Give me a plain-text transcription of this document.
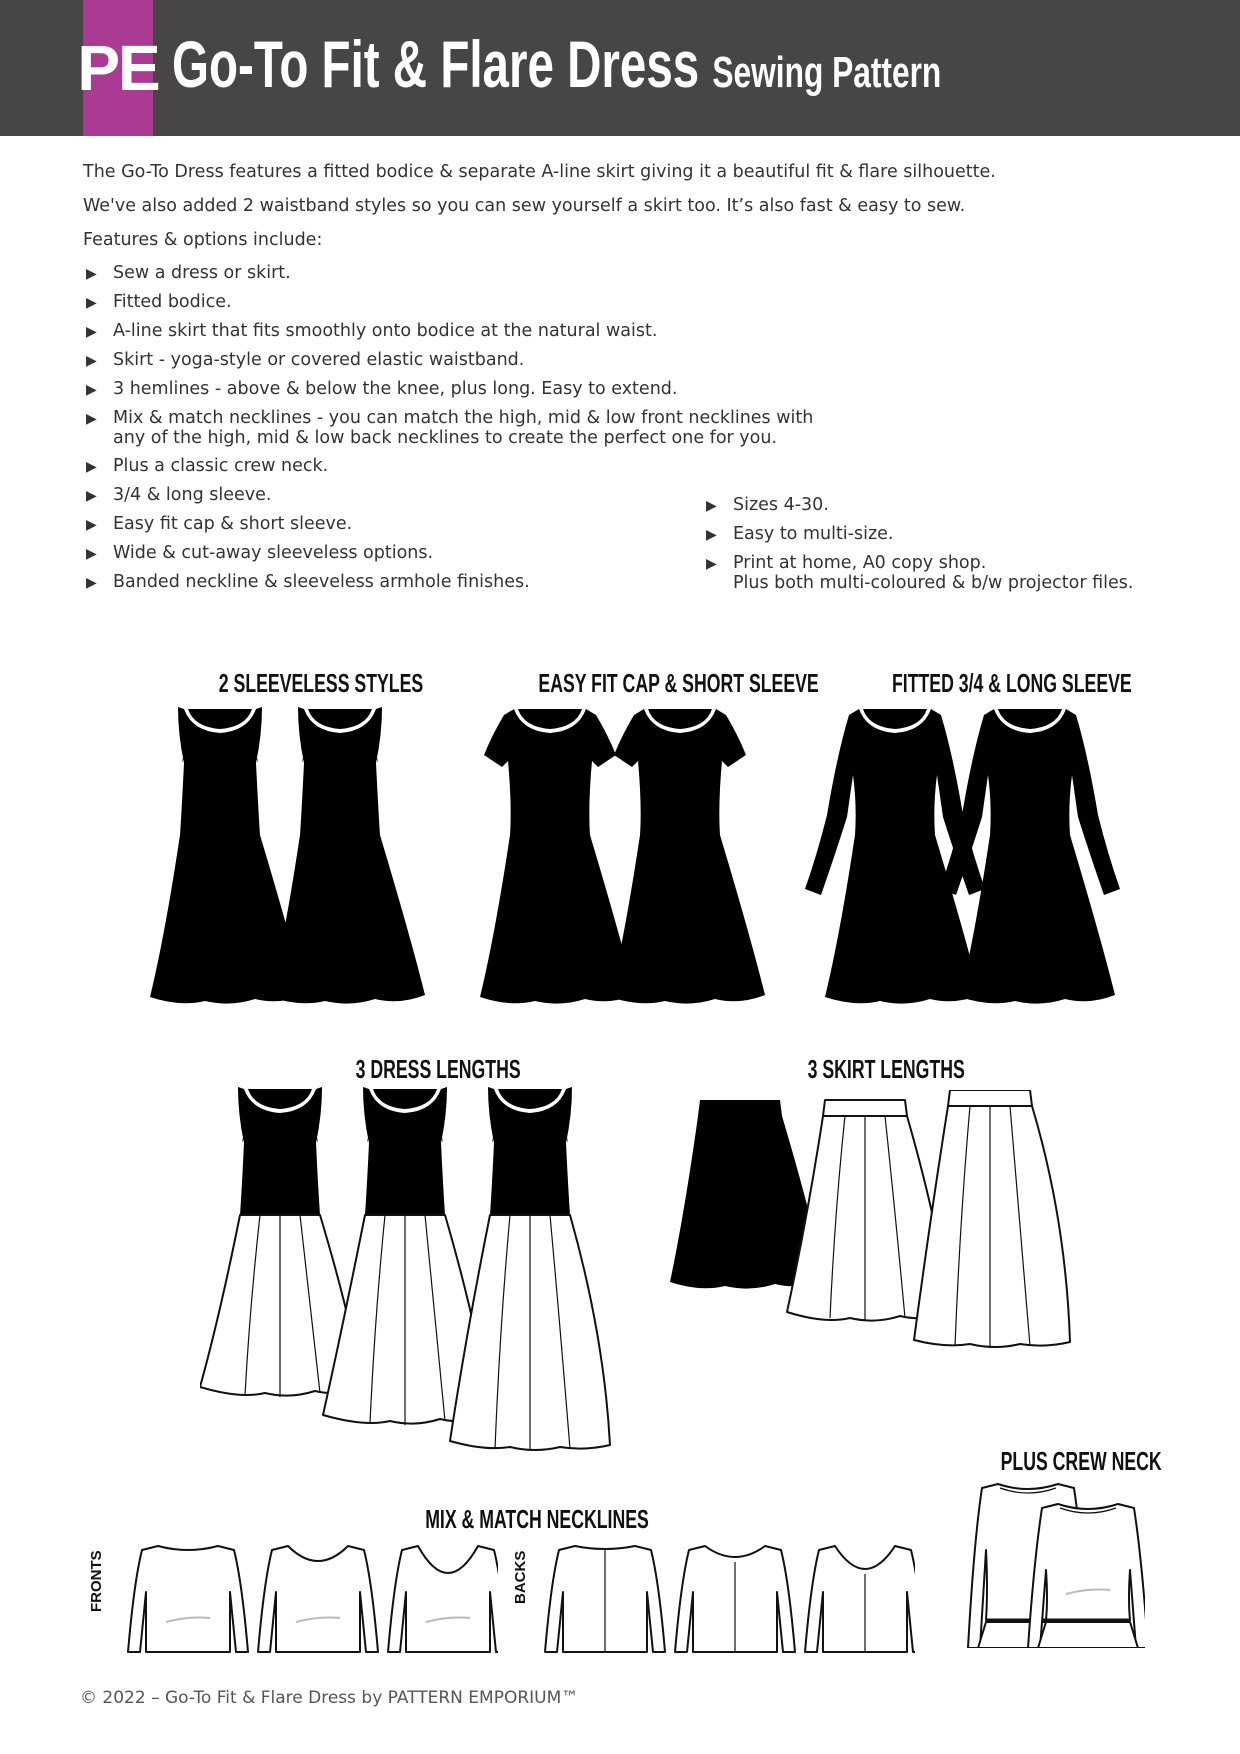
PE Go-To Fit & Flare Dress Sewing Pattern
The Go-To Dress features a fitted bodice & separate A-line skirt giving it a beautiful fit & flare silhouette.
We've also added 2 waistband styles so you can sew yourself a skirt too. It’s also fast & easy to sew.
Features & options include:
▶ Sew a dress or skirt.
▶ Fitted bodice.
▶ A-line skirt that fits smoothly onto bodice at the natural waist.
▶ Skirt - yoga-style or covered elastic waistband.
▶ 3 hemlines - above & below the knee, plus long. Easy to extend.
▶ Mix & match necklines - you can match the high, mid & low front necklines with
any of the high, mid & low back necklines to create the perfect one for you.
▶ Plus a classic crew neck.
▶ 3/4 & long sleeve.
▶ Easy fit cap & short sleeve.
▶ Wide & cut-away sleeveless options.
▶ Banded neckline & sleeveless armhole finishes.
▶ Sizes 4-30.
▶ Easy to multi-size.
▶ Print at home, A0 copy shop.
Plus both multi-coloured & b/w projector files.
2 SLEEVELESS STYLES	EASY FIT CAP & SHORT SLEEVE	FITTED 3/4 & LONG SLEEVE
3 DRESS LENGTHS	3 SKIRT LENGTHS
MIX & MATCH NECKLINES
PLUS CREW NECK
FRONTS	BACKS
© 2022 – Go-To Fit & Flare Dress by PATTERN EMPORIUM™
